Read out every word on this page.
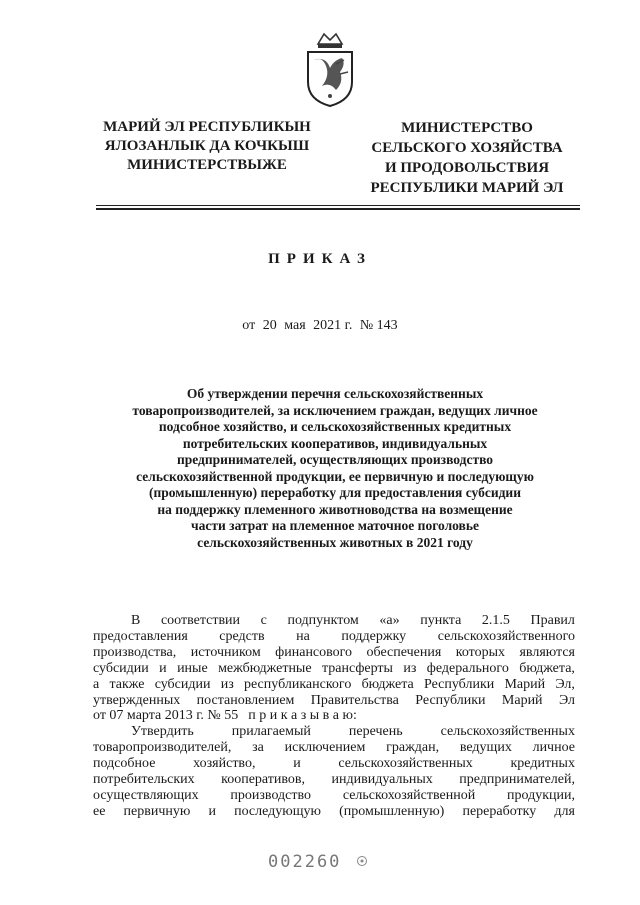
МАРИЙ ЭЛ РЕСПУБЛИКЫН
ЯЛОЗАНЛЫК ДА КОЧКЫШ
МИНИСТЕРСТВЫЖЕ
МИНИСТЕРСТВО
СЕЛЬСКОГО ХОЗЯЙСТВА
И ПРОДОВОЛЬСТВИЯ
РЕСПУБЛИКИ МАРИЙ ЭЛ
ПРИКАЗ
от 20 мая 2021 г. № 143
Об утверждении перечня сельскохозяйственных
товаропроизводителей, за исключением граждан, ведущих личное
подсобное хозяйство, и сельскохозяйственных кредитных
потребительских кооперативов, индивидуальных
предпринимателей, осуществляющих производство
сельскохозяйственной продукции, ее первичную и последующую
(промышленную) переработку для предоставления субсидии
на поддержку племенного животноводства на возмещение
части затрат на племенное маточное поголовье
сельскохозяйственных животных в 2021 году
В соответствии с подпунктом «а» пункта 2.1.5 Правил
предоставления средств на поддержку сельскохозяйственного
производства, источником финансового обеспечения которых являются
субсидии и иные межбюджетные трансферты из федерального бюджета,
а также субсидии из республиканского бюджета Республики Марий Эл,
утвержденных постановлением Правительства Республики Марий Эл
от 07 марта 2013 г. № 55 п р и к а з ы в а ю:
Утвердить	прилагаемый	перечень	сельскохозяйственных
товаропроизводителей, за исключением граждан, ведущих личное
подсобное	хозяйство,	и	сельскохозяйственных	кредитных
потребительских кооперативов, индивидуальных предпринимателей,
осуществляющих производство сельскохозяйственной продукции,
ее первичную и последующую (промышленную) переработку для
002260
